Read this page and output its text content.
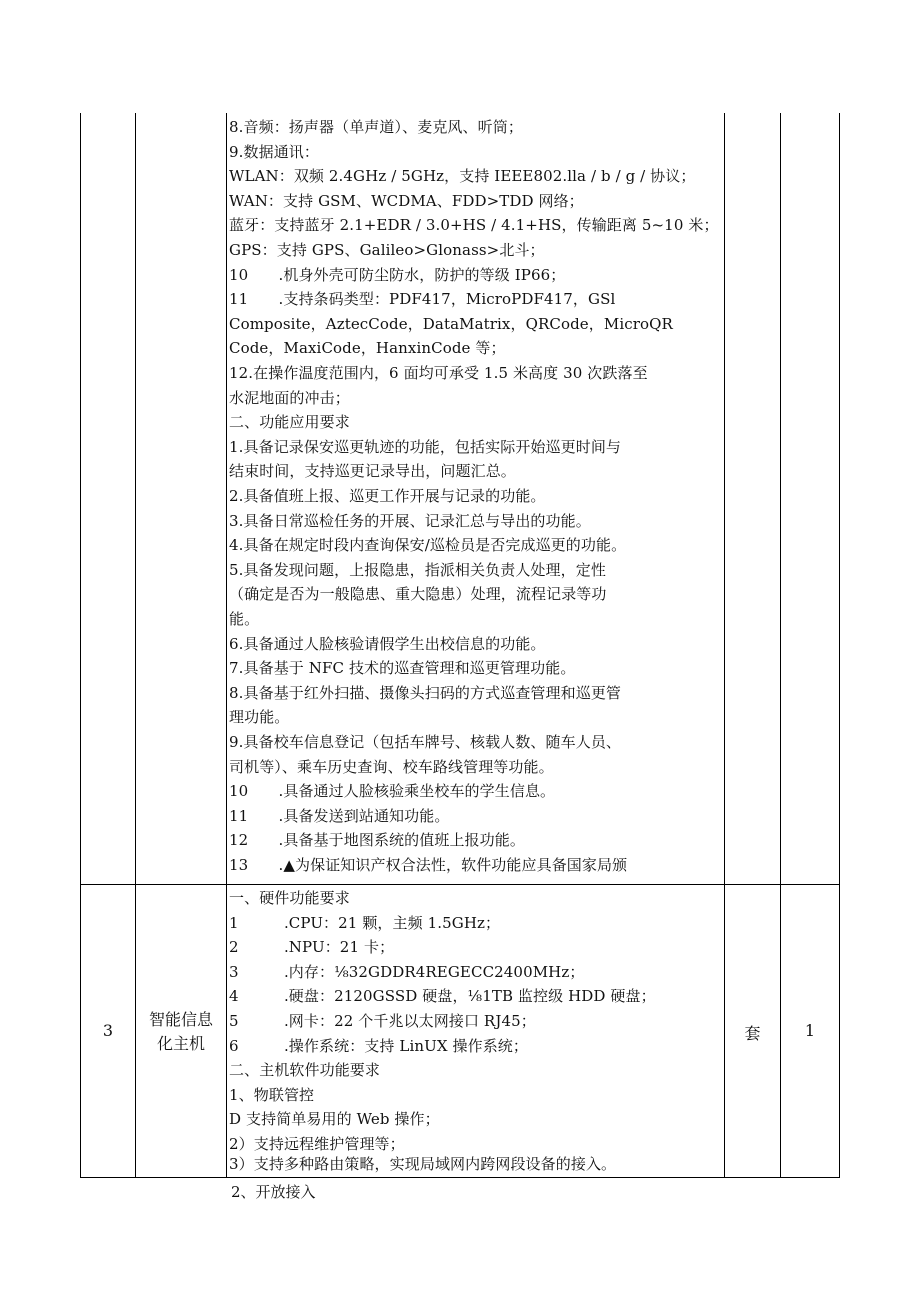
8.音频：扬声器（单声道）、麦克风、听筒；
9.数据通讯：
WLAN：双频 2.4GHz / 5GHz，支持 IEEE802.lla / b / g / 协议；
WAN：支持 GSM、WCDMA、FDD>TDD 网络；
蓝牙：支持蓝牙 2.1+EDR / 3.0+HS / 4.1+HS，传输距离 5~10 米；
GPS：支持 GPS、Galileo>Glonass>北斗；
10　　.机身外壳可防尘防水，防护的等级 IP66；
11　　.支持条码类型：PDF417，MicroPDF417，GSl
Composite，AztecCode，DataMatrix，QRCode，MicroQR
Code，MaxiCode，HanxinCode 等；
12.在操作温度范围内，6 面均可承受 1.5 米高度 30 次跌落至
水泥地面的冲击；
二、功能应用要求
1.具备记录保安巡更轨迹的功能，包括实际开始巡更时间与
结束时间，支持巡更记录导出，问题汇总。
2.具备值班上报、巡更工作开展与记录的功能。
3.具备日常巡检任务的开展、记录汇总与导出的功能。
4.具备在规定时段内查询保安/巡检员是否完成巡更的功能。
5.具备发现问题，上报隐患，指派相关负责人处理，定性
（确定是否为一般隐患、重大隐患）处理，流程记录等功
能。
6.具备通过人脸核验请假学生出校信息的功能。
7.具备基于 NFC 技术的巡查管理和巡更管理功能。
8.具备基于红外扫描、摄像头扫码的方式巡查管理和巡更管
理功能。
9.具备校车信息登记（包括车牌号、核载人数、随车人员、
司机等）、乘车历史查询、校车路线管理等功能。
10　　.具备通过人脸核验乘坐校车的学生信息。
11　　.具备发送到站通知功能。
12　　.具备基于地图系统的值班上报功能。
13　　.▲为保证知识产权合法性，软件功能应具备国家局颁
3
智能信息
化主机
套	1
一、硬件功能要求
1　　　.CPU：21 颗，主频 1.5GHz；
2　　　.NPU：21 卡；
3　　　.内存：⅛32GDDR4REGECC2400MHz；
4　　　.硬盘：2120GSSD 硬盘，⅛1TB 监控级 HDD 硬盘；
5　　　.网卡：22 个千兆以太网接口 RJ45；
6　　　.操作系统：支持 LinUX 操作系统；
二、主机软件功能要求
1、物联管控
D 支持简单易用的 Web 操作；
2）支持远程维护管理等；
3）支持多种路由策略，实现局域网内跨网段设备的接入。
2、开放接入
